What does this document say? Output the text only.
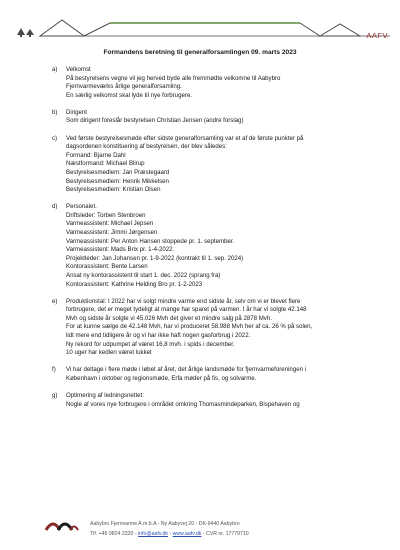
AAFV
Formandens beretning til generalforsamlingen 09. marts 2023
a)	Velkomst
På bestyrelsens vegne vil jeg herved byde alle fremmødte velkomne til Aabybro
Fjernvarmeværks årlige generalforsamling.
En særlig velkomst skal lyde til nye forbrugere.
b)	Dirigent
Som dirigent foreslår bestyrelsen Christian Jensen (andre forslag)
c)	Ved første bestyrelsesmøde efter sidste generalforsamling var et af de første punkter på
dagsordenen konstituering af bestyrelsen, der blev således:
Formand: Bjarne Dahl
Næstformand: Michael Blirup
Bestyrelsesmedlem: Jan Præstegaard
Bestyrelsesmedlem: Henrik Mikkelsen
Bestyrelsesmedlem: Kristian Olsen
d)	Personalet.
Driftsleder: Torben Stenbroen
Varmeassistent: Michael Jepsen
Varmeassistent: Jimmi Jørgensen
Varmeassistent: Per Anton Hansen stoppede pr. 1. september.
Varmeassistent: Mads Brix pr. 1-4-2022.
Projektleder: Jan Johansen pr. 1-9-2022 (kontrakt til 1. sep. 2024)
Kontorassistent: Bente Larsen
Ansat ny kontorassistent til start 1. dec. 2022 (sprang fra)
Kontorassistent: Kathrine Helding Bro pr. 1-2-2023
e)	Produktionstal: I 2022 har vi solgt mindre varme end sidste år, selv om vi er blevet flere
forbrugere, det er meget tydeligt at mange har sparet på varmen. I år har vi solgte 42.148
Mvh og sidste år solgte vi 45.026 Mvh det giver et mindre salg på 2878 Mvh.
For at kunne sælge de 42.148 Mvh, har vi produceret 58.988 Mvh her af ca. 26 % på solen,
lidt mere end tidligere år og vi har ikke haft nogen gasforbrug i 2022.
Ny rekord for udpumpet af været 16,8 mvh. i spids i december.
10 uger har kedlen været lukket
f)	Vi har deltage i flere møde i løbet af året, det årlige landsmøde for fjernvarmeforeningen i
København i oktober og regionsmøde, Erfa møder på fis, og solvarme.
g)	Optimering af ledningsnettet:
Nogle af vores nye forbrugere i området omkring Thomasmindeparken, Bispehaven og
Aabybro Fjernvarme A.m.b.A - Ny Aabyvej 20 - DK-9440 Aabybro
Tlf. +45 9824 2320 - info@aafv.dk - www.aafv.dk - CVR nr. 17779710
